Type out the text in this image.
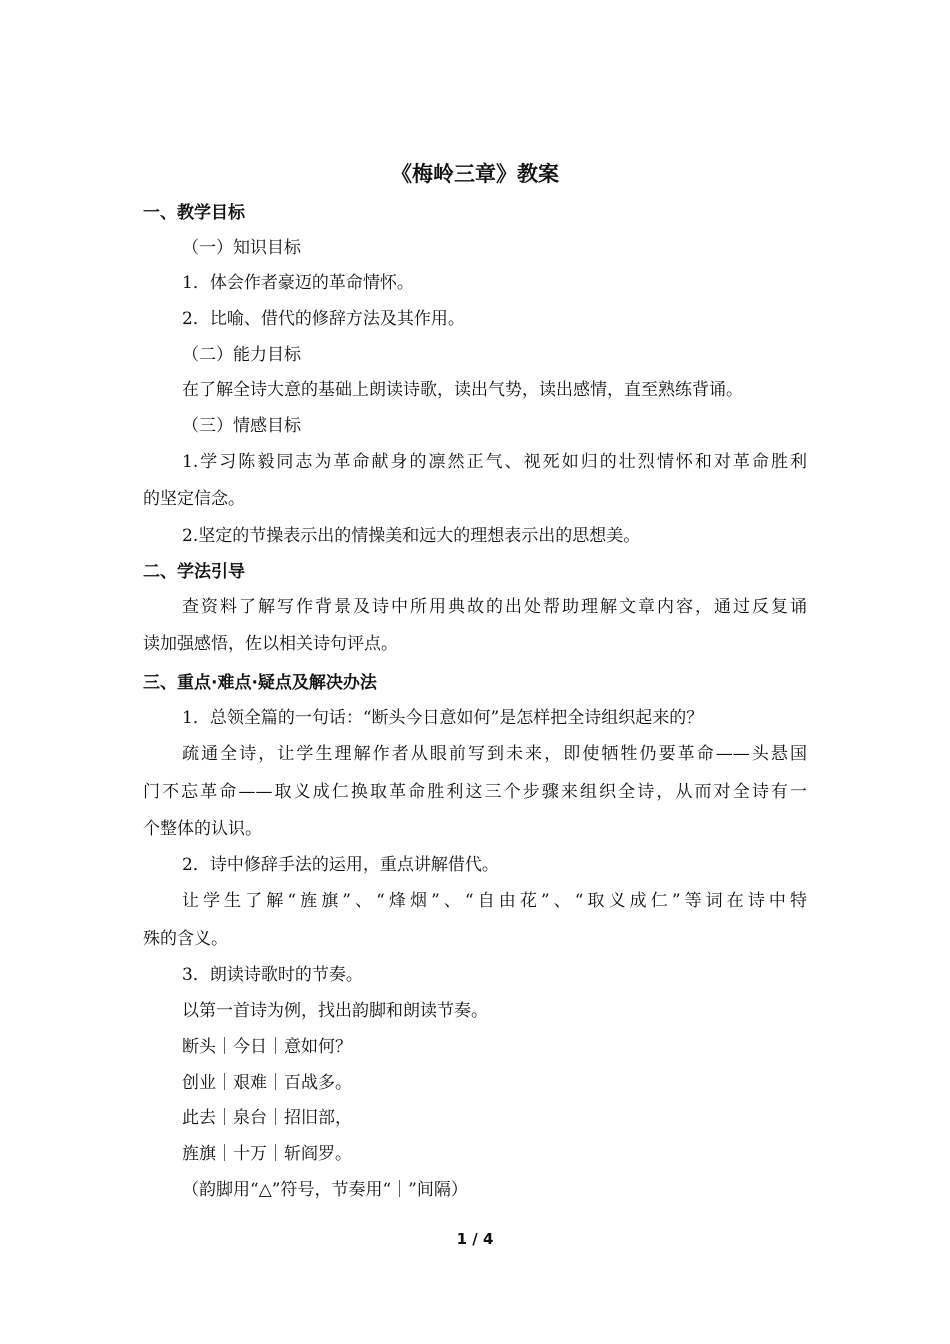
《梅岭三章》教案
一、教学目标
（一）知识目标
1．体会作者豪迈的革命情怀。
2．比喻、借代的修辞方法及其作用。
（二）能力目标
在了解全诗大意的基础上朗读诗歌，读出气势，读出感情，直至熟练背诵。
（三）情感目标
1.学习陈毅同志为革命献身的凛然正气、视死如归的壮烈情怀和对革命胜利
的坚定信念。
2.坚定的节操表示出的情操美和远大的理想表示出的思想美。
二、学法引导
查资料了解写作背景及诗中所用典故的出处帮助理解文章内容，通过反复诵
读加强感悟，佐以相关诗句评点。
三、重点·难点·疑点及解决办法
1．总领全篇的一句话：“断头今日意如何”是怎样把全诗组织起来的？
疏通全诗，让学生理解作者从眼前写到未来，即使牺牲仍要革命——头悬国
门不忘革命——取义成仁换取革命胜利这三个步骤来组织全诗，从而对全诗有一
个整体的认识。
2．诗中修辞手法的运用，重点讲解借代。
让学生了解“旌旗”、“烽烟”、“自由花”、“取义成仁”等词在诗中特
殊的含义。
3．朗读诗歌时的节奏。
以第一首诗为例，找出韵脚和朗读节奏。
断头｜今日｜意如何？
创业｜艰难｜百战多。
此去｜泉台｜招旧部，
旌旗｜十万｜斩阎罗。
（韵脚用“△”符号，节奏用“｜”间隔）
1 / 4
